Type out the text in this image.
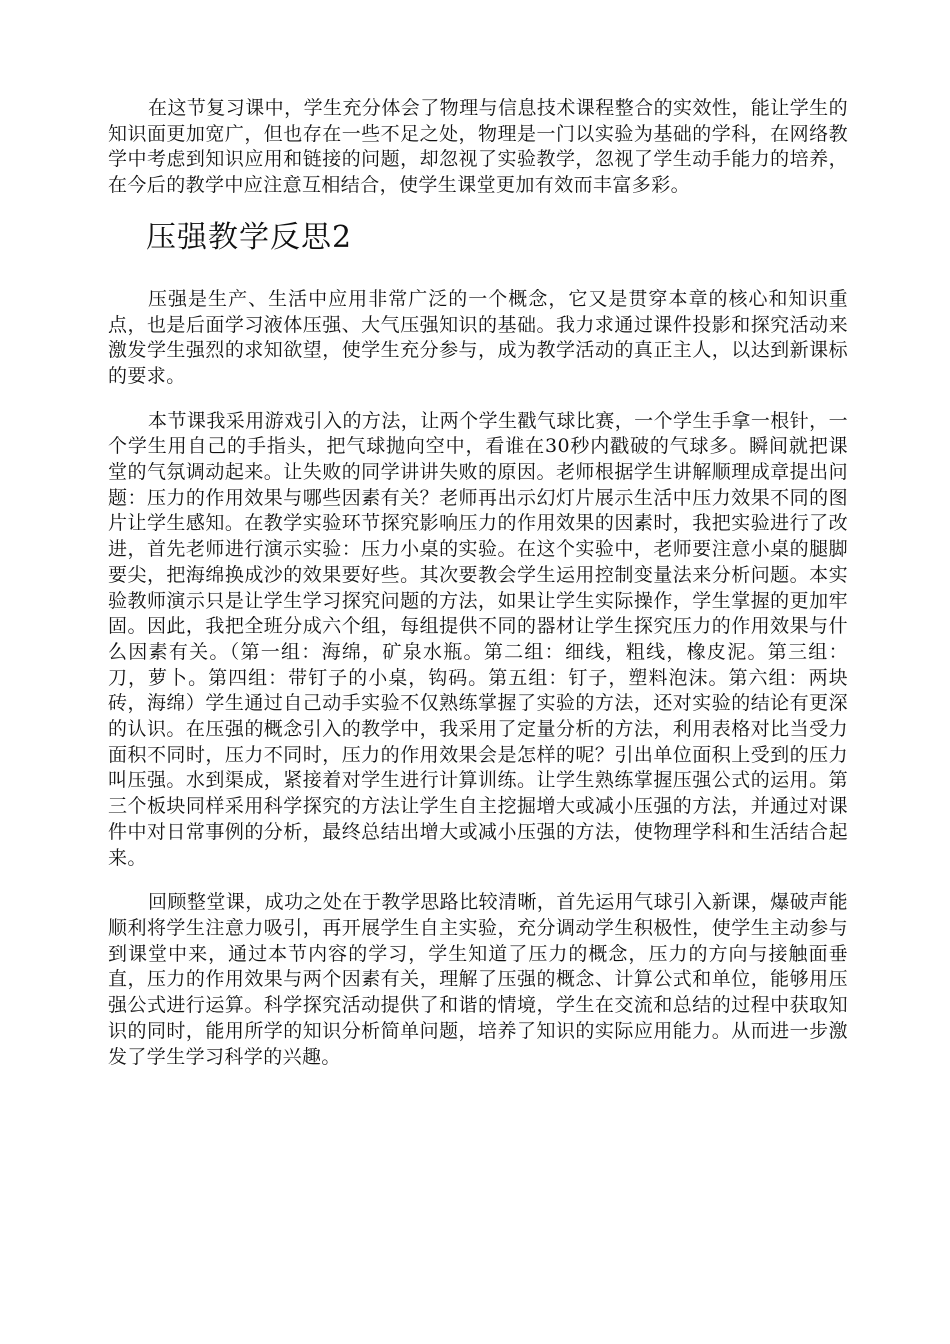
在这节复习课中，学生充分体会了物理与信息技术课程整合的实效性，能让学生的知识面更加宽广，但也存在一些不足之处，物理是一门以实验为基础的学科，在网络教学中考虑到知识应用和链接的问题，却忽视了实验教学，忽视了学生动手能力的培养，在今后的教学中应注意互相结合，使学生课堂更加有效而丰富多彩。

压强教学反思2

压强是生产、生活中应用非常广泛的一个概念，它又是贯穿本章的核心和知识重点，也是后面学习液体压强、大气压强知识的基础。我力求通过课件投影和探究活动来激发学生强烈的求知欲望，使学生充分参与，成为教学活动的真正主人，以达到新课标的要求。

本节课我采用游戏引入的方法，让两个学生戳气球比赛，一个学生手拿一根针，一个学生用自己的手指头，把气球抛向空中，看谁在30秒内戳破的气球多。瞬间就把课堂的气氛调动起来。让失败的同学讲讲失败的原因。老师根据学生讲解顺理成章提出问题：压力的作用效果与哪些因素有关？老师再出示幻灯片展示生活中压力效果不同的图片让学生感知。在教学实验环节探究影响压力的作用效果的因素时，我把实验进行了改进，首先老师进行演示实验：压力小桌的实验。在这个实验中，老师要注意小桌的腿脚要尖，把海绵换成沙的效果要好些。其次要教会学生运用控制变量法来分析问题。本实验教师演示只是让学生学习探究问题的方法，如果让学生实际操作，学生掌握的更加牢固。因此，我把全班分成六个组，每组提供不同的器材让学生探究压力的作用效果与什么因素有关。（第一组：海绵，矿泉水瓶。第二组：细线，粗线，橡皮泥。第三组：刀，萝卜。第四组：带钉子的小桌，钩码。第五组：钉子，塑料泡沫。第六组：两块砖，海绵）学生通过自己动手实验不仅熟练掌握了实验的方法，还对实验的结论有更深的认识。在压强的概念引入的教学中，我采用了定量分析的方法，利用表格对比当受力面积不同时，压力不同时，压力的作用效果会是怎样的呢？引出单位面积上受到的压力叫压强。水到渠成，紧接着对学生进行计算训练。让学生熟练掌握压强公式的运用。第三个板块同样采用科学探究的方法让学生自主挖掘增大或减小压强的方法，并通过对课件中对日常事例的分析，最终总结出增大或减小压强的方法，使物理学科和生活结合起来。

回顾整堂课，成功之处在于教学思路比较清晰，首先运用气球引入新课，爆破声能顺利将学生注意力吸引，再开展学生自主实验，充分调动学生积极性，使学生主动参与到课堂中来，通过本节内容的学习，学生知道了压力的概念，压力的方向与接触面垂直，压力的作用效果与两个因素有关，理解了压强的概念、计算公式和单位，能够用压强公式进行运算。科学探究活动提供了和谐的情境，学生在交流和总结的过程中获取知识的同时，能用所学的知识分析简单问题，培养了知识的实际应用能力。从而进一步激发了学生学习科学的兴趣。
